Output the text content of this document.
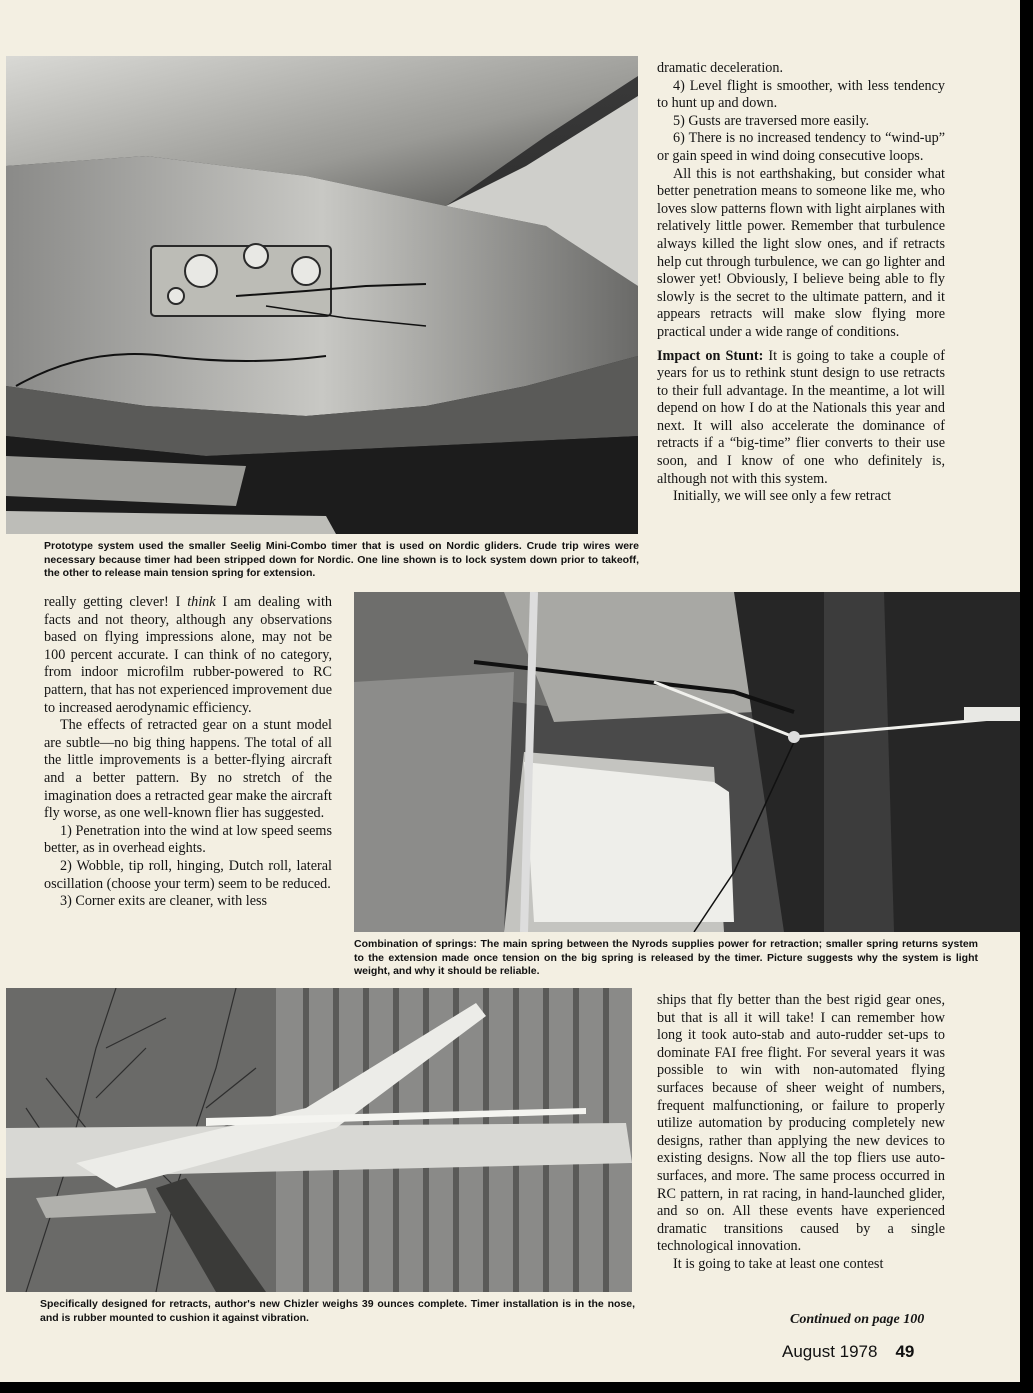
Prototype system used the smaller Seelig Mini-Combo timer that is used on Nordic gliders. Crude trip wires were necessary because timer had been stripped down for Nordic. One line shown is to lock system down prior to takeoff, the other to release main tension spring for extension.

dramatic deceleration.

4) Level flight is smoother, with less tendency to hunt up and down.

5) Gusts are traversed more easily.

6) There is no increased tendency to “wind-up” or gain speed in wind doing consecutive loops.

All this is not earthshaking, but consider what better penetration means to someone like me, who loves slow patterns flown with light airplanes with relatively little power. Remember that turbulence always killed the light slow ones, and if retracts help cut through turbulence, we can go lighter and slower yet! Obviously, I believe being able to fly slowly is the secret to the ultimate pattern, and it appears retracts will make slow flying more practical under a wide range of conditions.

Impact on Stunt: It is going to take a couple of years for us to rethink stunt design to use retracts to their full advantage. In the meantime, a lot will depend on how I do at the Nationals this year and next. It will also accelerate the dominance of retracts if a “big-time” flier converts to their use soon, and I know of one who definitely is, although not with this system.

Initially, we will see only a few retract

really getting clever! I think I am dealing with facts and not theory, although any observations based on flying impressions alone, may not be 100 percent accurate. I can think of no category, from indoor microfilm rubber-powered to RC pattern, that has not experienced improvement due to increased aerodynamic efficiency.

The effects of retracted gear on a stunt model are subtle—no big thing happens. The total of all the little improvements is a better-flying aircraft and a better pattern. By no stretch of the imagination does a retracted gear make the aircraft fly worse, as one well-known flier has suggested.

1) Penetration into the wind at low speed seems better, as in overhead eights.

2) Wobble, tip roll, hinging, Dutch roll, lateral oscillation (choose your term) seem to be reduced.

3) Corner exits are cleaner, with less

Combination of springs: The main spring between the Nyrods supplies power for retraction; smaller spring returns system to the extension made once tension on the big spring is released by the timer. Picture suggests why the system is light weight, and why it should be reliable.
Specifically designed for retracts, author's new Chizler weighs 39 ounces complete. Timer installation is in the nose, and is rubber mounted to cushion it against vibration.

ships that fly better than the best rigid gear ones, but that is all it will take! I can remember how long it took auto-stab and auto-rudder set-ups to dominate FAI free flight. For several years it was possible to win with non-automated flying surfaces because of sheer weight of numbers, frequent malfunctioning, or failure to properly utilize automation by producing completely new designs, rather than applying the new devices to existing designs. Now all the top fliers use auto-surfaces, and more. The same process occurred in RC pattern, in rat racing, in hand-launched glider, and so on. All these events have experienced dramatic transitions caused by a single technological innovation.

It is going to take at least one contest

Continued on page 100
August 1978 49
